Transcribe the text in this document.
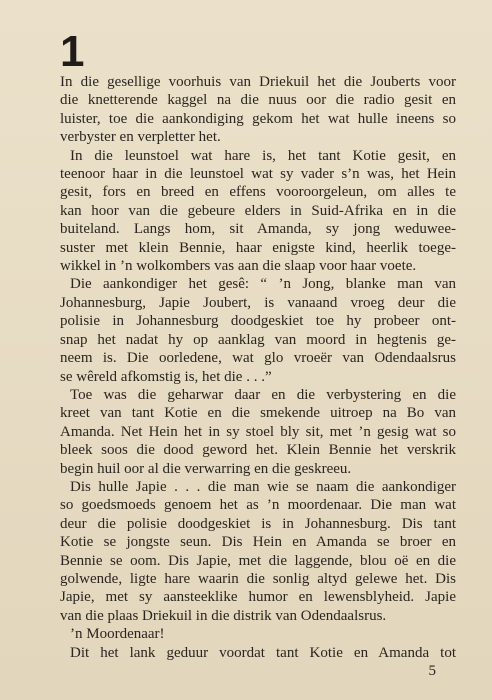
1
In die gesellige voorhuis van Driekuil het die Jouberts voor
die knetterende kaggel na die nuus oor die radio gesit en
luister, toe die aankondiging gekom het wat hulle ineens so
verbyster en verpletter het.
In die leunstoel wat hare is, het tant Kotie gesit, en
teenoor haar in die leunstoel wat sy vader s’n was, het Hein
gesit, fors en breed en effens vooroorgeleun, om alles te
kan hoor van die gebeure elders in Suid-Afrika en in die
buiteland. Langs hom, sit Amanda, sy jong weduwee-
suster met klein Bennie, haar enigste kind, heerlik toege-
wikkel in ’n wolkombers vas aan die slaap voor haar voete.
Die aankondiger het gesê: “ ’n Jong, blanke man van
Johannesburg, Japie Joubert, is vanaand vroeg deur die
polisie in Johannesburg doodgeskiet toe hy probeer ont-
snap het nadat hy op aanklag van moord in hegtenis ge-
neem is. Die oorledene, wat glo vroeër van Odendaalsrus
se wêreld afkomstig is, het die . . .”
Toe was die geharwar daar en die verbystering en die
kreet van tant Kotie en die smekende uitroep na Bo van
Amanda. Net Hein het in sy stoel bly sit, met ’n gesig wat so
bleek soos die dood geword het. Klein Bennie het verskrik
begin huil oor al die verwarring en die geskreeu.
Dis hulle Japie . . . die man wie se naam die aankondiger
so goedsmoeds genoem het as ’n moordenaar. Die man wat
deur die polisie doodgeskiet is in Johannesburg. Dis tant
Kotie se jongste seun. Dis Hein en Amanda se broer en
Bennie se oom. Dis Japie, met die laggende, blou oë en die
golwende, ligte hare waarin die sonlig altyd gelewe het. Dis
Japie, met sy aansteeklike humor en lewensblyheid. Japie
van die plaas Driekuil in die distrik van Odendaalsrus.
’n Moordenaar!
Dit het lank geduur voordat tant Kotie en Amanda tot
5
